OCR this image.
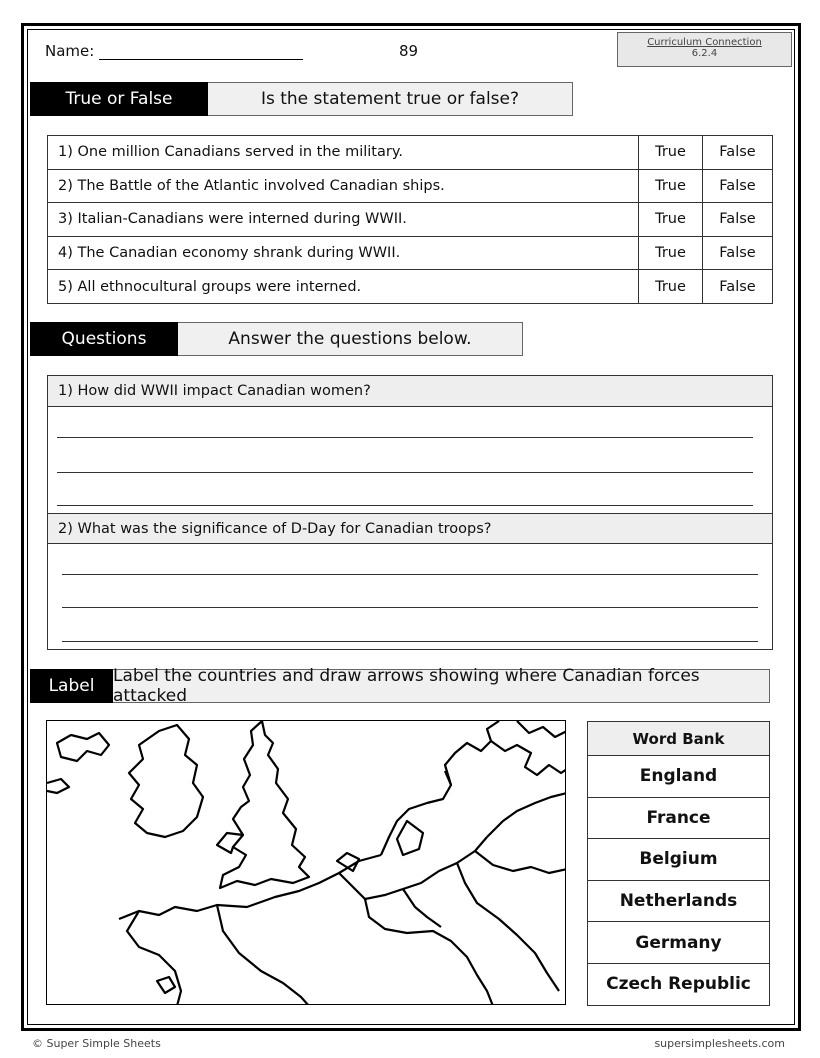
Name:	89	Curriculum Connection
6.2.4
True or False	Is the statement true or false?
1) One million Canadians served in the military.	True	False
2) The Battle of the Atlantic involved Canadian ships.	True	False
3) Italian-Canadians were interned during WWII.	True	False
4) The Canadian economy shrank during WWII.	True	False
5) All ethnocultural groups were interned.	True	False
Questions	Answer the questions below.
1) How did WWII impact Canadian women?
2) What was the significance of D-Day for Canadian troops?
Label	Label the countries and draw arrows showing where Canadian forces attacked
Word Bank
England
France
Belgium
Netherlands
Germany
Czech Republic
© Super Simple Sheets	supersimplesheets.com
